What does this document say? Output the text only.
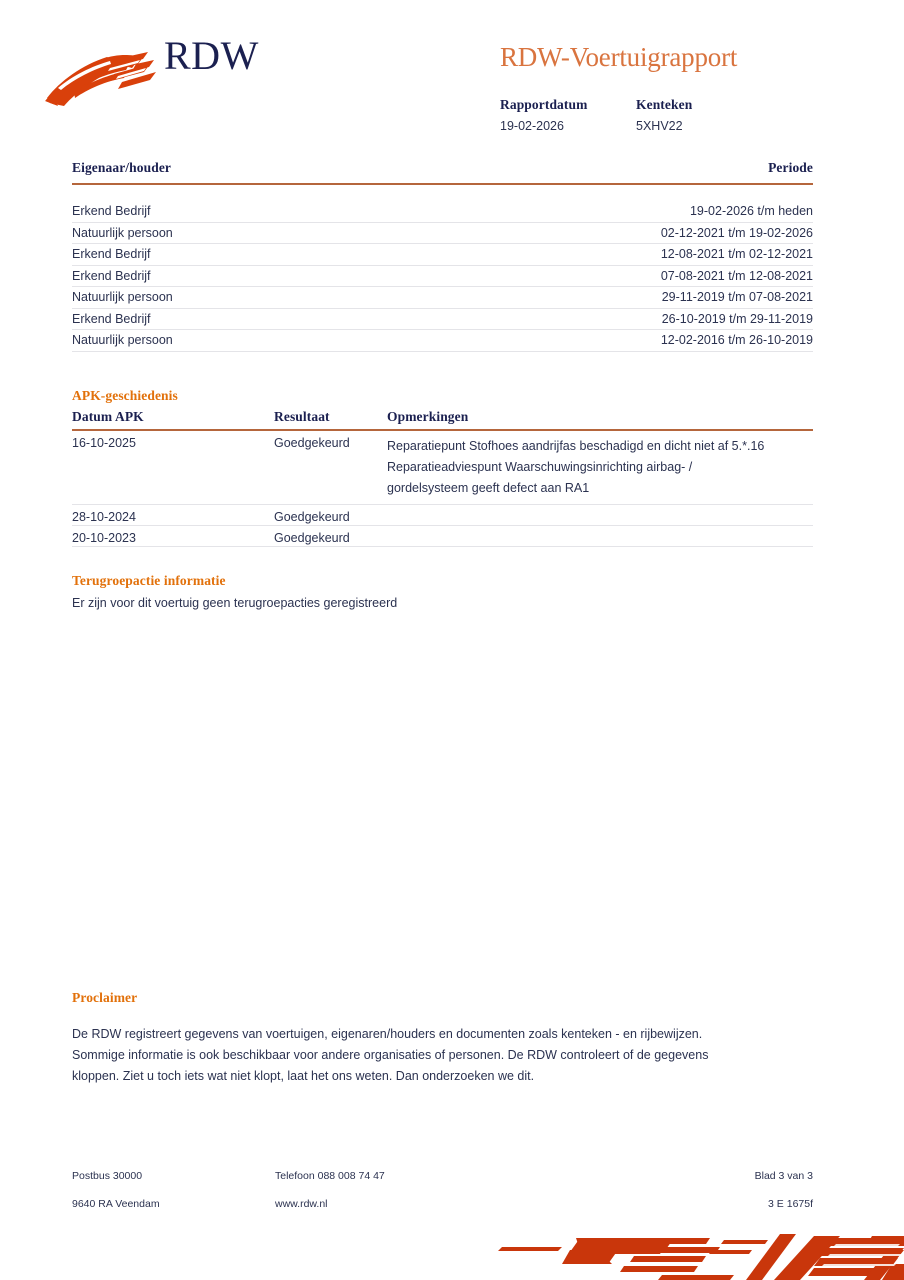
RDW	RDW-Voertuigrapport
Rapportdatum
19-02-2026
Kenteken
5XHV22
Eigenaar/houder	Periode
Erkend Bedrijf	19-02-2026 t/m heden
Natuurlijk persoon	02-12-2021 t/m 19-02-2026
Erkend Bedrijf	12-08-2021 t/m 02-12-2021
Erkend Bedrijf	07-08-2021 t/m 12-08-2021
Natuurlijk persoon	29-11-2019 t/m 07-08-2021
Erkend Bedrijf	26-10-2019 t/m 29-11-2019
Natuurlijk persoon	12-02-2016 t/m 26-10-2019
APK-geschiedenis
Datum APK	Resultaat	Opmerkingen
16-10-2025	Goedgekeurd	Reparatiepunt Stofhoes aandrijfas beschadigd en dicht niet af 5.*.16
Reparatieadviespunt Waarschuwingsinrichting airbag- /
gordelsysteem geeft defect aan RA1
28-10-2024	Goedgekeurd
20-10-2023	Goedgekeurd
Terugroepactie informatie
Er zijn voor dit voertuig geen terugroepacties geregistreerd
Proclaimer
De RDW registreert gegevens van voertuigen, eigenaren/houders en documenten zoals kenteken - en rijbewijzen.
Sommige informatie is ook beschikbaar voor andere organisaties of personen. De RDW controleert of de gegevens
kloppen. Ziet u toch iets wat niet klopt, laat het ons weten. Dan onderzoeken we dit.
Postbus 30000	Telefoon 088 008 74 47	Blad 3 van 3
9640 RA Veendam	www.rdw.nl	3 E 1675f
